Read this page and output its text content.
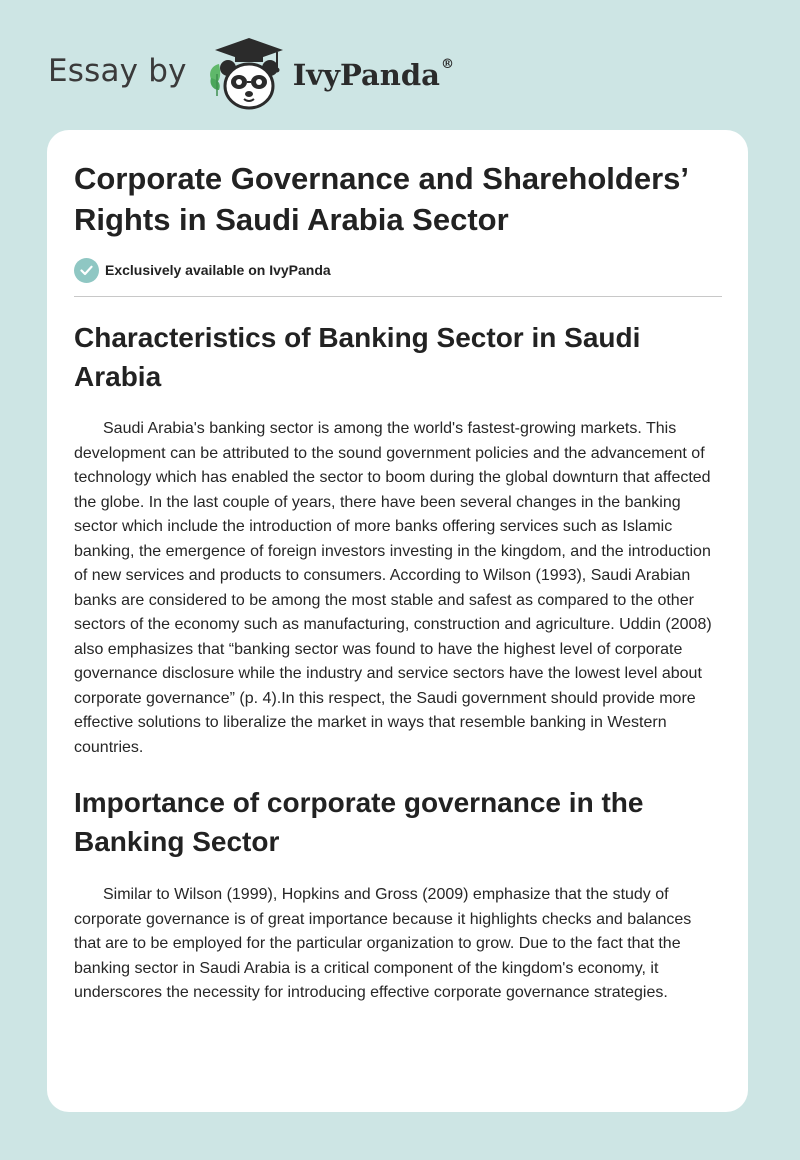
Essay by	IvyPanda®
Corporate Governance and Shareholders’ Rights in Saudi Arabia Sector
Exclusively available on IvyPanda
Characteristics of Banking Sector in Saudi Arabia

Saudi Arabia's banking sector is among the world's fastest-growing markets. This development can be attributed to the sound government policies and the advancement of technology which has enabled the sector to boom during the global downturn that affected the globe. In the last couple of years, there have been several changes in the banking sector which include the introduction of more banks offering services such as Islamic banking, the emergence of foreign investors investing in the kingdom, and the introduction of new services and products to consumers. According to Wilson (1993), Saudi Arabian banks are considered to be among the most stable and safest as compared to the other sectors of the economy such as manufacturing, construction and agriculture. Uddin (2008) also emphasizes that “banking sector was found to have the highest level of corporate governance disclosure while the industry and service sectors have the lowest level about corporate governance” (p. 4).In this respect, the Saudi government should provide more effective solutions to liberalize the market in ways that resemble banking in Western countries.

Importance of corporate governance in the Banking Sector

Similar to Wilson (1999), Hopkins and Gross (2009) emphasize that the study of corporate governance is of great importance because it highlights checks and balances that are to be employed for the particular organization to grow. Due to the fact that the banking sector in Saudi Arabia is a critical component of the kingdom's economy, it underscores the necessity for introducing effective corporate governance strategies.
